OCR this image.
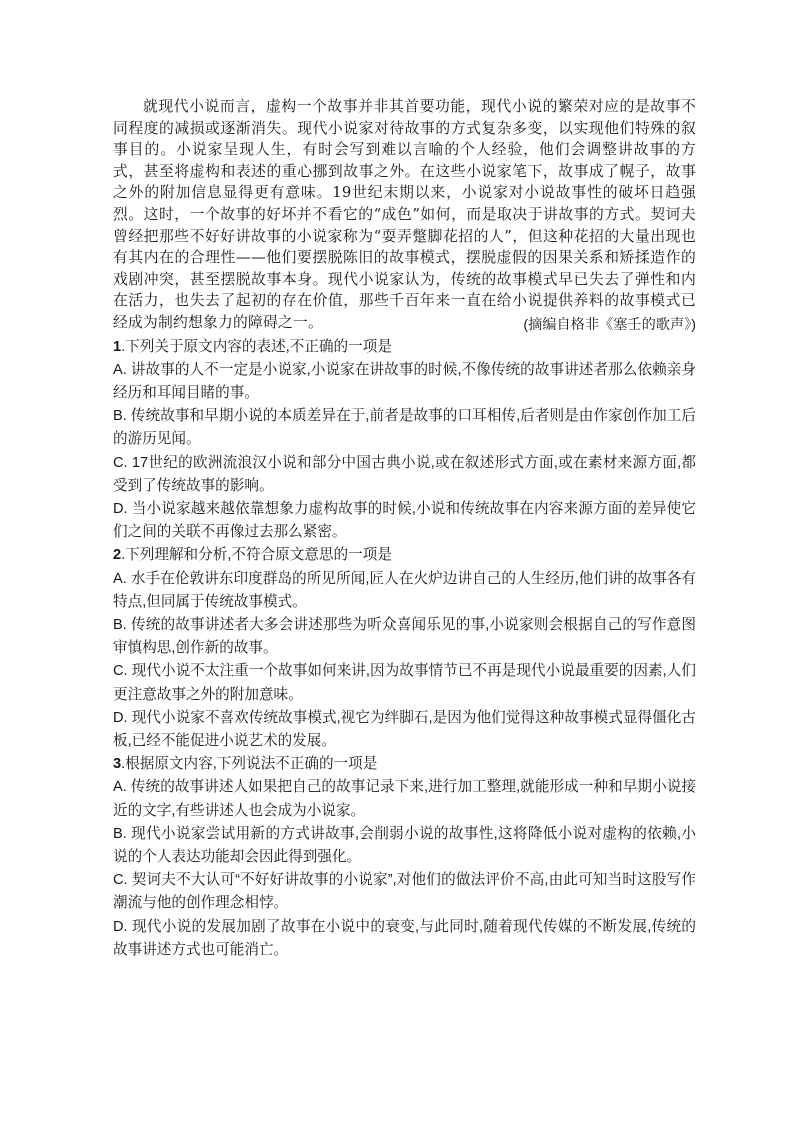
就现代小说而言，虚构一个故事并非其首要功能，现代小说的繁荣对应的是故事不同程度的减损或逐渐消失。现代小说家对待故事的方式复杂多变，以实现他们特殊的叙事目的。小说家呈现人生，有时会写到难以言喻的个人经验，他们会调整讲故事的方式，甚至将虚构和表述的重心挪到故事之外。在这些小说家笔下，故事成了幌子，故事之外的附加信息显得更有意味。19世纪末期以来，小说家对小说故事性的破坏日趋强烈。这时，一个故事的好坏并不看它的“成色”如何，而是取决于讲故事的方式。契诃夫曾经把那些不好好讲故事的小说家称为“耍弄蹩脚花招的人”，但这种花招的大量出现也有其内在的合理性——他们要摆脱陈旧的故事模式，摆脱虚假的因果关系和矫揉造作的戏剧冲突，甚至摆脱故事本身。现代小说家认为，传统的故事模式早已失去了弹性和内在活力，也失去了起初的存在价值，那些千百年来一直在给小说提供养料的故事模式已经成为制约想象力的障碍之一。	(摘编自格非《塞壬的歌声》)

1.下列关于原文内容的表述,不正确的一项是

A. 讲故事的人不一定是小说家,小说家在讲故事的时候,不像传统的故事讲述者那么依赖亲身经历和耳闻目睹的事。

B. 传统故事和早期小说的本质差异在于,前者是故事的口耳相传,后者则是由作家创作加工后的游历见闻。

C. 17世纪的欧洲流浪汉小说和部分中国古典小说,或在叙述形式方面,或在素材来源方面,都受到了传统故事的影响。

D. 当小说家越来越依靠想象力虚构故事的时候,小说和传统故事在内容来源方面的差异使它们之间的关联不再像过去那么紧密。

2.下列理解和分析,不符合原文意思的一项是

A. 水手在伦敦讲东印度群岛的所见所闻,匠人在火炉边讲自己的人生经历,他们讲的故事各有特点,但同属于传统故事模式。

B. 传统的故事讲述者大多会讲述那些为听众喜闻乐见的事,小说家则会根据自己的写作意图审慎构思,创作新的故事。

C. 现代小说不太注重一个故事如何来讲,因为故事情节已不再是现代小说最重要的因素,人们更注意故事之外的附加意味。

D. 现代小说家不喜欢传统故事模式,视它为绊脚石,是因为他们觉得这种故事模式显得僵化古板,已经不能促进小说艺术的发展。

3.根据原文内容,下列说法不正确的一项是

A. 传统的故事讲述人如果把自己的故事记录下来,进行加工整理,就能形成一种和早期小说接近的文字,有些讲述人也会成为小说家。

B. 现代小说家尝试用新的方式讲故事,会削弱小说的故事性,这将降低小说对虚构的依赖,小说的个人表达功能却会因此得到强化。

C. 契诃夫不大认可“不好好讲故事的小说家”,对他们的做法评价不高,由此可知当时这股写作潮流与他的创作理念相悖。

D. 现代小说的发展加剧了故事在小说中的衰变,与此同时,随着现代传媒的不断发展,传统的故事讲述方式也可能消亡。
